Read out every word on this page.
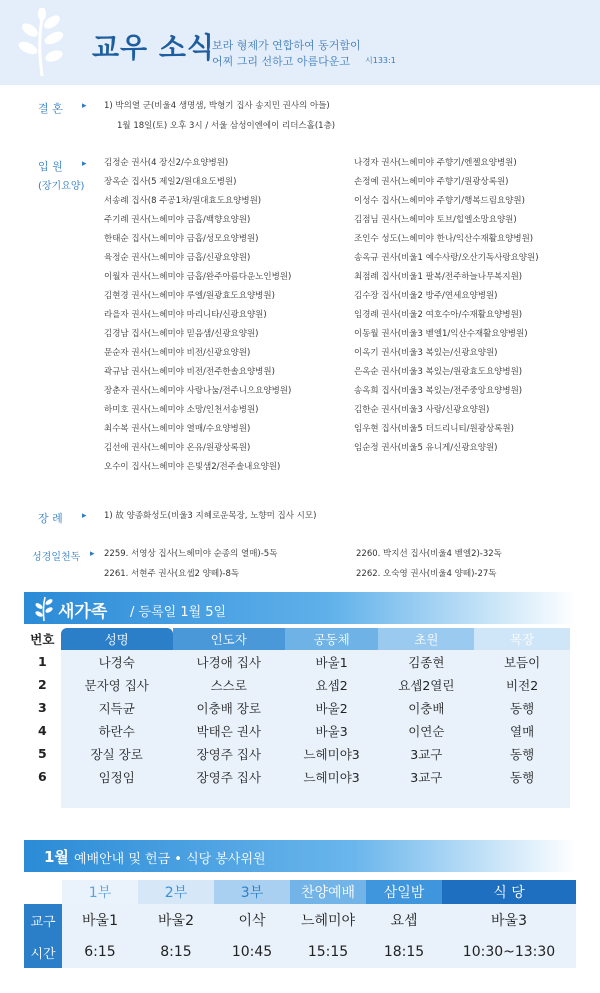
교우 소식
보라 형제가 연합하여 동거함이
어찌 그리 선하고 아름다운고 시133:1
결 혼 ▸ 1) 박의열 군(비울4 생명샘, 박형기 집사 송지민 권사의 아들)
1월 18일(토) 오후 3시 / 서울 삼성이엔에이 리더스홀(1층)
입 원 ▸
(장기요양)
김정순 권사(4 장신2/수요양병원)
장옥순 집사(5 제일2/원대요도병원)
서송례 집사(8 주공1차/원대효도요양병원)
주기례 권사(느헤미야 금흡/백향요양원)
한태순 집사(느헤미야 금흡/성모요양병원)
육정순 권사(느헤미야 금흡/신광요양원)
이월자 권사(느헤미야 금흡/완주아름다운노인병원)
김현경 권사(느헤미야 루엘/원광효도요양병원)
라을자 권사(느헤미야 마리니타/신광요양원)
김경남 집사(느헤미야 믿음샘/신광요양원)
문순자 권사(느헤미야 비전/신광요양원)
곽규남 권사(느헤미야 비전/전주한솔요양병원)
장춘자 권사(느헤미야 사랑나눔/전주니으요양병원)
하미호 권사(느헤미야 소망/인천서송병원)
최수복 권사(느헤미야 열매/수요양병원)
김선애 권사(느헤미야 온유/원광상록원)
오수이 집사(느헤미야 은빛샘2/전주솔내요양원)
나경자 권사(느헤미야 주향기/엔젤요양병원)
손정예 권사(느헤미야 주향기/원광상록원)
이성수 집사(느헤미야 주향기/행복드림요양원)
김점님 권사(느헤미야 토브/힐엘소망요양원)
조인수 성도(느헤미야 한나/익산수재활요양병원)
송옥규 권사(비울1 예수사랑/오산기독사랑요양원)
최점례 집사(비울1 팔복/전주하늘나무복지원)
김수장 집사(비울2 방주/연세요양병원)
임경례 권사(비울2 여호수아/수재활요양병원)
이동월 권사(비울3 벧엘1/익산수재활요양병원)
이옥기 권사(비울3 복있는/신광요양원)
은옥순 권사(비울3 복있는/원광효도요양병원)
송옥희 집사(비울3 복있는/전주중앙요양병원)
김한순 권사(비울3 사랑/신광요양원)
임우현 집사(비울5 더드리니티/원광상록원)
임순정 권사(비울5 유니게/신광요양원)
장 례 ▸ 1) 故 양종화성도(비울3 지혜로운목장, 노향미 집사 시모)
성경일천독 ▸ 2259. 서영상 집사(느헤미야 순종의 열매)-5독	2260. 박지선 집사(비울4 벧엘2)-32독
2261. 서현주 권사(요셉2 양떼)-8독	2262. 오숙영 권사(비울4 양떼)-27독
새가족 / 등록일 1월 5일
번호	성명	인도자	공동체	초원	목장
1	나경숙	나경애 집사	바울1	김종현	보듬이
2	문자영 집사	스스로	요셉2	요셉2열린	비전2
3	지득균	이충배 장로	바울2	이충배	동행
4	하란수	박태은 권사	바울3	이연순	열매
5	장실 장로	장영주 집사	느헤미야3	3교구	동행
6	임정임	장영주 집사	느헤미야3	3교구	동행

1월 예배안내 및 헌금 • 식당 봉사위원
	1부	2부	3부	찬양예배	삼일밤	식 당
교구	바울1	바울2	이삭	느헤미야	요셉	바울3
시간	6:15	8:15	10:45	15:15	18:15	10:30~13:30
